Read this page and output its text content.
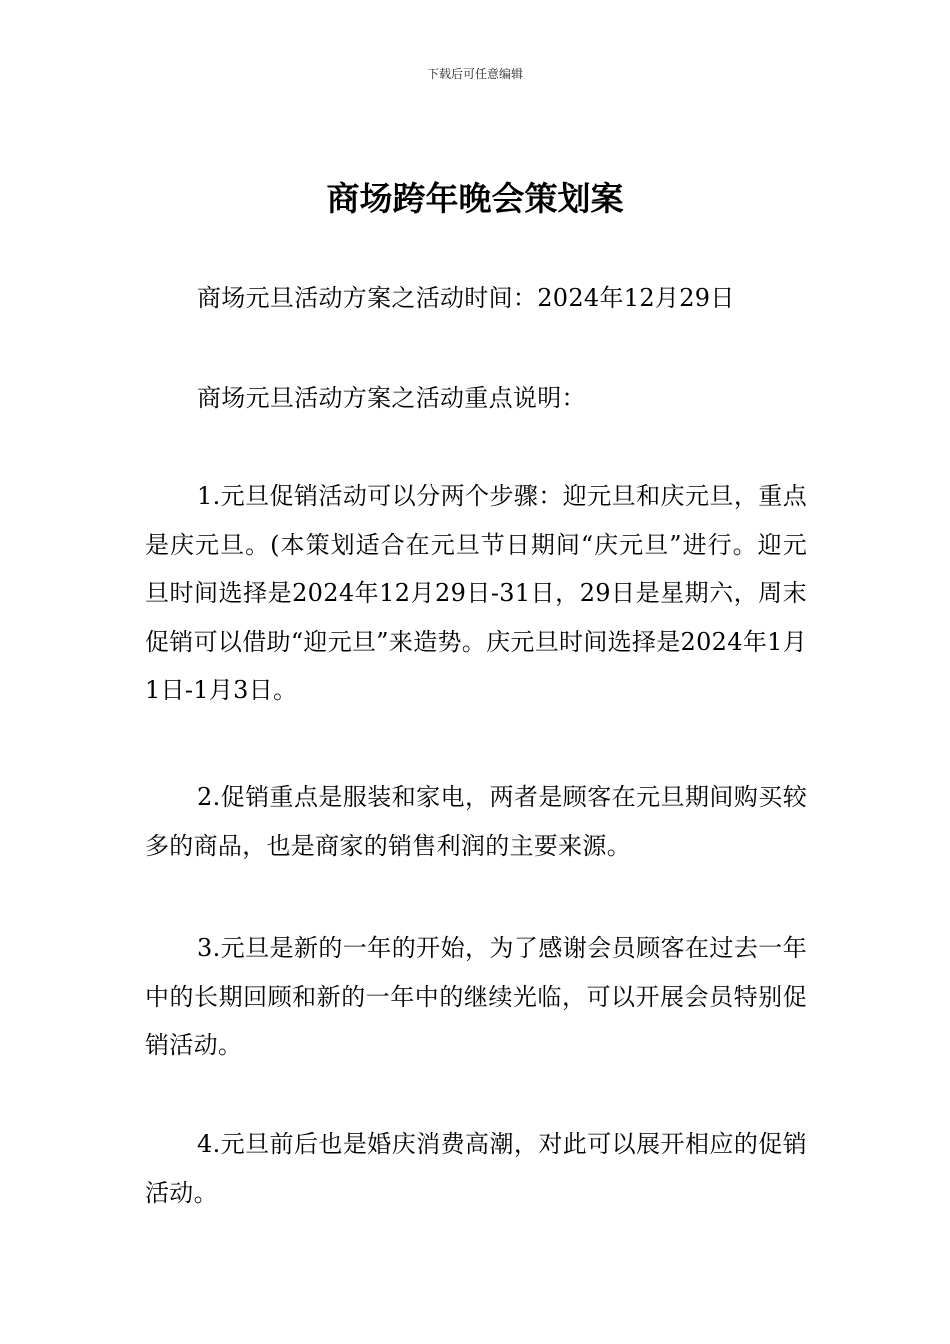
下载后可任意编辑
商场跨年晚会策划案

商场元旦活动方案之活动时间：2024年12月29日

商场元旦活动方案之活动重点说明：

1.元旦促销活动可以分两个步骤：迎元旦和庆元旦，重点是庆元旦。(本策划适合在元旦节日期间“庆元旦”进行。迎元旦时间选择是2024年12月29日-31日，29日是星期六，周末促销可以借助“迎元旦”来造势。庆元旦时间选择是2024年1月1日-1月3日。

2.促销重点是服装和家电，两者是顾客在元旦期间购买较多的商品，也是商家的销售利润的主要来源。

3.元旦是新的一年的开始，为了感谢会员顾客在过去一年中的长期回顾和新的一年中的继续光临，可以开展会员特别促销活动。

4.元旦前后也是婚庆消费高潮，对此可以展开相应的促销活动。
